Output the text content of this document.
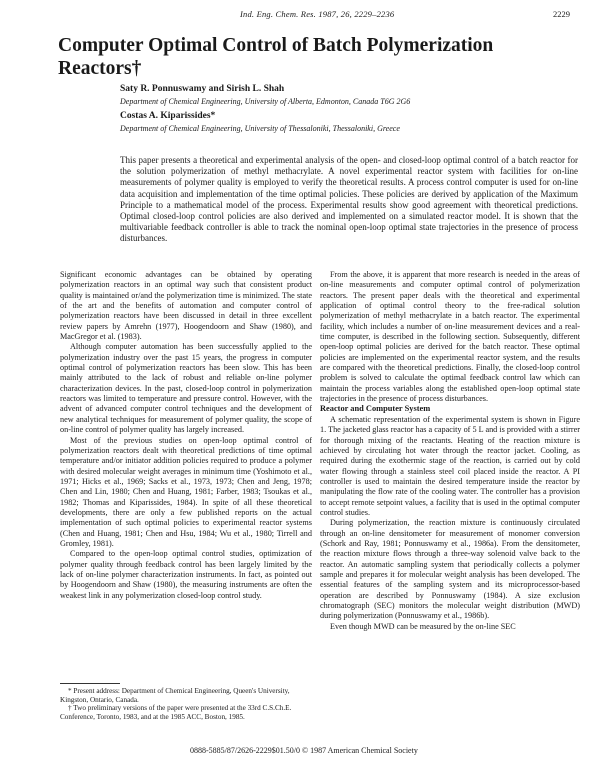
Ind. Eng. Chem. Res. 1987, 26, 2229–2236	2229
Computer Optimal Control of Batch Polymerization Reactors†
Saty R. Ponnuswamy and Sirish L. Shah
Department of Chemical Engineering, University of Alberta, Edmonton, Canada T6G 2G6
Costas A. Kiparissides*
Department of Chemical Engineering, University of Thessaloniki, Thessaloniki, Greece

This paper presents a theoretical and experimental analysis of the open- and closed-loop optimal control of a batch reactor for the solution polymerization of methyl methacrylate. A novel experimental reactor system with facilities for on-line measurements of polymer quality is employed to verify the theoretical results. A process control computer is used for on-line data acquisition and implementation of the time optimal policies. These policies are derived by application of the Maximum Principle to a mathematical model of the process. Experimental results show good agreement with theoretical predictions. Optimal closed-loop control policies are also derived and implemented on a simulated reactor model. It is shown that the multivariable feedback controller is able to track the nominal open-loop optimal state trajectories in the presence of process disturbances.

Significant economic advantages can be obtained by operating polymerization reactors in an optimal way such that consistent product quality is maintained or/and the polymerization time is minimized. The state of the art and the benefits of automation and computer control of polymerization reactors have been discussed in detail in three excellent review papers by Amrehn (1977), Hoogendoorn and Shaw (1980), and MacGregor et al. (1983).

Although computer automation has been successfully applied to the polymerization industry over the past 15 years, the progress in computer optimal control of polymerization reactors has been slow. This has been mainly attributed to the lack of robust and reliable on-line polymer characterization devices. In the past, closed-loop control in polymerization reactors was limited to temperature and pressure control. However, with the advent of advanced computer control techniques and the development of new analytical techniques for measurement of polymer quality, the scope of on-line control of polymer quality has largely increased.

Most of the previous studies on open-loop optimal control of polymerization reactors dealt with theoretical predictions of time optimal temperature and/or initiator addition policies required to produce a polymer with desired molecular weight averages in minimum time (Yoshimoto et al., 1971; Hicks et al., 1969; Sacks et al., 1973, 1973; Chen and Jeng, 1978; Chen and Lin, 1980; Chen and Huang, 1981; Farber, 1983; Tsoukas et al., 1982; Thomas and Kiparissides, 1984). In spite of all these theoretical developments, there are only a few published reports on the actual implementation of such optimal policies to experimental reactor systems (Chen and Huang, 1981; Chen and Hsu, 1984; Wu et al., 1980; Tirrell and Gromley, 1981).

Compared to the open-loop optimal control studies, optimization of polymer quality through feedback control has been largely limited by the lack of on-line polymer characterization instruments. In fact, as pointed out by Hoogendoorn and Shaw (1980), the measuring instruments are often the weakest link in any polymerization closed-loop control study.

From the above, it is apparent that more research is needed in the areas of on-line measurements and computer optimal control of polymerization reactors. The present paper deals with the theoretical and experimental application of optimal control theory to the free-radical solution polymerization of methyl methacrylate in a batch reactor. The experimental facility, which includes a number of on-line measurement devices and a real-time computer, is described in the following section. Subsequently, different open-loop optimal policies are derived for the batch reactor. These optimal policies are implemented on the experimental reactor system, and the results are compared with the theoretical predictions. Finally, the closed-loop control problem is solved to calculate the optimal feedback control law which can maintain the process variables along the established open-loop optimal state trajectories in the presence of process disturbances.

Reactor and Computer System

A schematic representation of the experimental system is shown in Figure 1. The jacketed glass reactor has a capacity of 5 L and is provided with a stirrer for thorough mixing of the reactants. Heating of the reaction mixture is achieved by circulating hot water through the reactor jacket. Cooling, as required during the exothermic stage of the reaction, is carried out by cold water flowing through a stainless steel coil placed inside the reactor. A PI controller is used to maintain the desired temperature inside the reactor by manipulating the flow rate of the cooling water. The controller has a provision to accept remote setpoint values, a facility that is used in the optimal computer control studies.

During polymerization, the reaction mixture is continuously circulated through an on-line densitometer for measurement of monomer conversion (Schork and Ray, 1981; Ponnuswamy et al., 1986a). From the densitometer, the reaction mixture flows through a three-way solenoid valve back to the reactor. An automatic sampling system that periodically collects a polymer sample and prepares it for molecular weight analysis has been developed. The essential features of the sampling system and its microprocessor-based operation are described by Ponnuswamy (1984). A size exclusion chromatograph (SEC) monitors the molecular weight distribution (MWD) during polymerization (Ponnuswamy et al., 1986b).

Even though MWD can be measured by the on-line SEC

* Present address: Department of Chemical Engineering, Queen's University, Kingston, Ontario, Canada.

† Two preliminary versions of the paper were presented at the 33rd C.S.Ch.E. Conference, Toronto, 1983, and at the 1985 ACC, Boston, 1985.

0888-5885/87/2626-2229$01.50/0 © 1987 American Chemical Society
